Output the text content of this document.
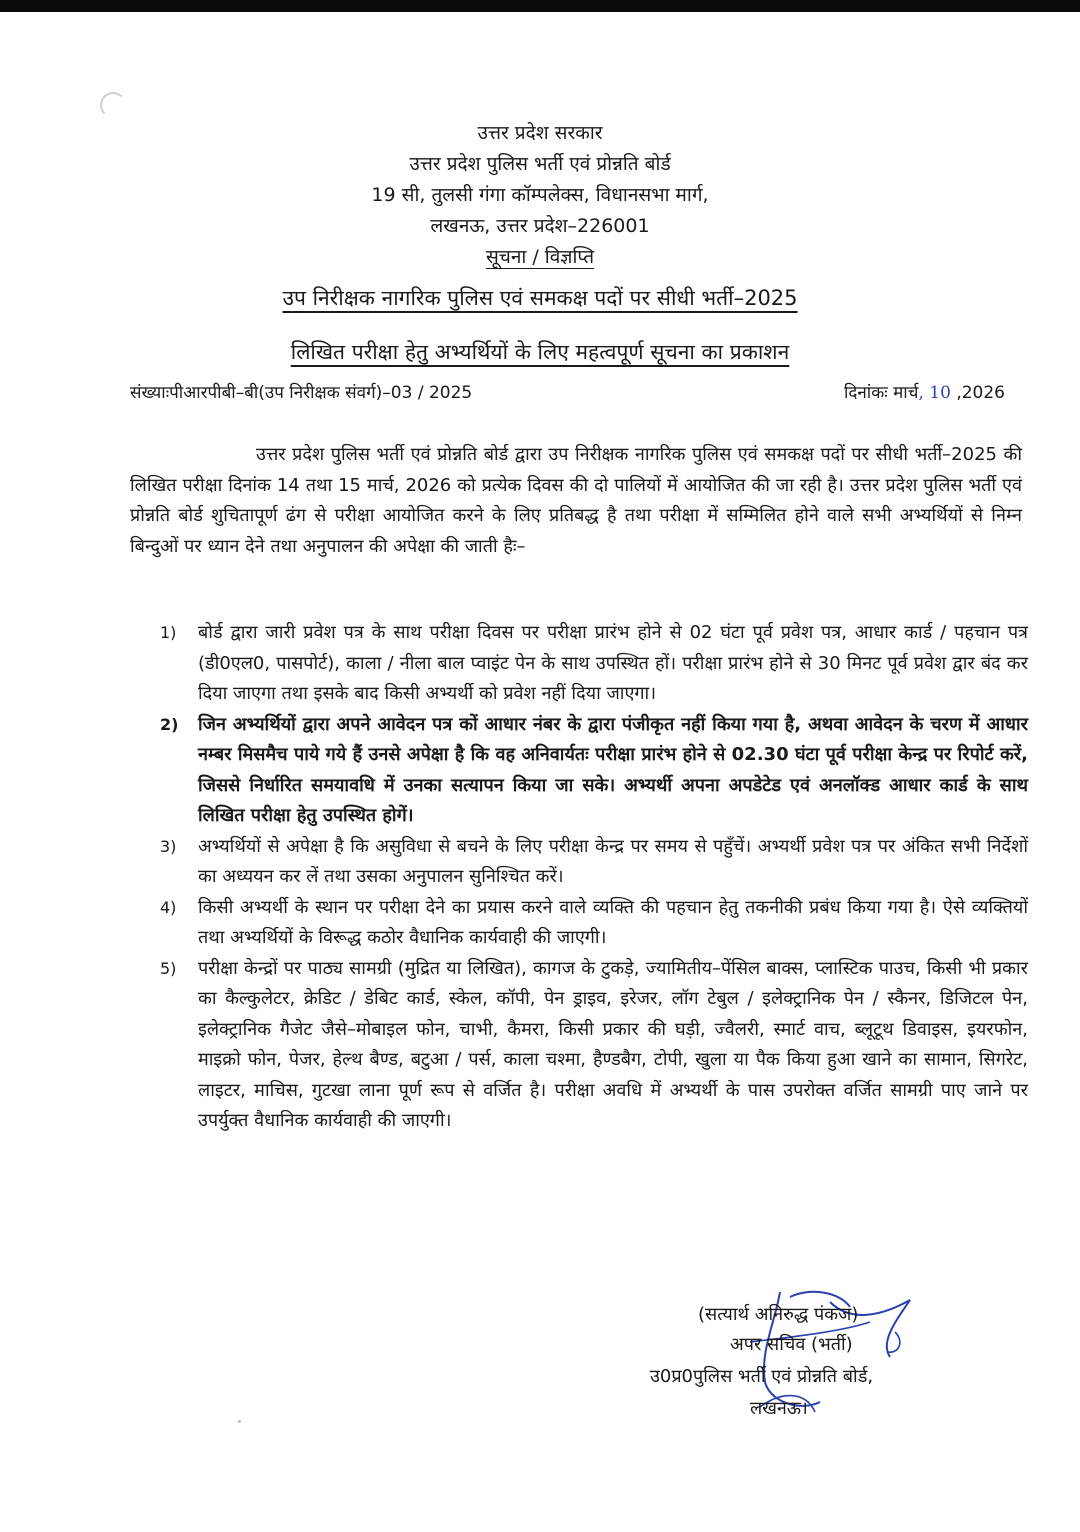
उत्तर प्रदेश सरकार
उत्तर प्रदेश पुलिस भर्ती एवं प्रोन्नति बोर्ड
19 सी, तुलसी गंगा कॉम्पलेक्स, विधानसभा मार्ग,
लखनऊ, उत्तर प्रदेश–226001
सूचना / विज्ञप्ति
उप निरीक्षक नागरिक पुलिस एवं समकक्ष पदों पर सीधी भर्ती–2025
लिखित परीक्षा हेतु अभ्यर्थियों के लिए महत्वपूर्ण सूचना का प्रकाशन
संख्याःपीआरपीबी–बी(उप निरीक्षक संवर्ग)–03 / 2025	दिनांकः मार्च, 10 ,2026

उत्तर प्रदेश पुलिस भर्ती एवं प्रोन्नति बोर्ड द्वारा उप निरीक्षक नागरिक पुलिस एवं समकक्ष पदों पर सीधी भर्ती–2025 की लिखित परीक्षा दिनांक 14 तथा 15 मार्च, 2026 को प्रत्येक दिवस की दो पालियों में आयोजित की जा रही है। उत्तर प्रदेश पुलिस भर्ती एवं प्रोन्नति बोर्ड शुचितापूर्ण ढंग से परीक्षा आयोजित करने के लिए प्रतिबद्ध है तथा परीक्षा में सम्मिलित होने वाले सभी अभ्यर्थियों से निम्न बिन्दुओं पर ध्यान देने तथा अनुपालन की अपेक्षा की जाती हैः–

1) बोर्ड द्वारा जारी प्रवेश पत्र के साथ परीक्षा दिवस पर परीक्षा प्रारंभ होने से 02 घंटा पूर्व प्रवेश पत्र, आधार कार्ड / पहचान पत्र (डी0एल0, पासपोर्ट), काला / नीला बाल प्वाइंट पेन के साथ उपस्थित हों। परीक्षा प्रारंभ होने से 30 मिनट पूर्व प्रवेश द्वार बंद कर दिया जाएगा तथा इसके बाद किसी अभ्यर्थी को प्रवेश नहीं दिया जाएगा।
2) जिन अभ्यर्थियों द्वारा अपने आवेदन पत्र कों आधार नंबर के द्वारा पंजीकृत नहीं किया गया है, अथवा आवेदन के चरण में आधार नम्बर मिसमैच पाये गये हैं उनसे अपेक्षा है कि वह अनिवार्यतः परीक्षा प्रारंभ होने से 02.30 घंटा पूर्व परीक्षा केन्द्र पर रिपोर्ट करें, जिससे निर्धारित समयावधि में उनका सत्यापन किया जा सके। अभ्यर्थी अपना अपडेटेड एवं अनलॉक्ड आधार कार्ड के साथ लिखित परीक्षा हेतु उपस्थित होगें।
3) अभ्यर्थियों से अपेक्षा है कि असुविधा से बचने के लिए परीक्षा केन्द्र पर समय से पहुँचें। अभ्यर्थी प्रवेश पत्र पर अंकित सभी निर्देशों का अध्ययन कर लें तथा उसका अनुपालन सुनिश्चित करें।
4) किसी अभ्यर्थी के स्थान पर परीक्षा देने का प्रयास करने वाले व्यक्ति की पहचान हेतु तकनीकी प्रबंध किया गया है। ऐसे व्यक्तियों तथा अभ्यर्थियों के विरूद्ध कठोर वैधानिक कार्यवाही की जाएगी।
5) परीक्षा केन्द्रों पर पाठ्य सामग्री (मुद्रित या लिखित), कागज के टुकड़े, ज्यामितीय–पेंसिल बाक्स, प्लास्टिक पाउच, किसी भी प्रकार का कैल्कुलेटर, क्रेडिट / डेबिट कार्ड, स्केल, कॉपी, पेन ड्राइव, इरेजर, लॉग टेबुल / इलेक्ट्रानिक पेन / स्कैनर, डिजिटल पेन, इलेक्ट्रानिक गैजेट जैसे–मोबाइल फोन, चाभी, कैमरा, किसी प्रकार की घड़ी, ज्वैलरी, स्मार्ट वाच, ब्लूटूथ डिवाइस, इयरफोन, माइक्रो फोन, पेजर, हेल्थ बैण्ड, बटुआ / पर्स, काला चश्मा, हैण्डबैग, टोपी, खुला या पैक किया हुआ खाने का सामान, सिगरेट, लाइटर, माचिस, गुटखा लाना पूर्ण रूप से वर्जित है। परीक्षा अवधि में अभ्यर्थी के पास उपरोक्त वर्जित सामग्री पाए जाने पर उपर्युक्त वैधानिक कार्यवाही की जाएगी।
(सत्यार्थ अनिरुद्ध पंकज)
अपर सचिव (भर्ती)
उ0प्र0पुलिस भर्ती एवं प्रोन्नति बोर्ड,
लखनऊ।
